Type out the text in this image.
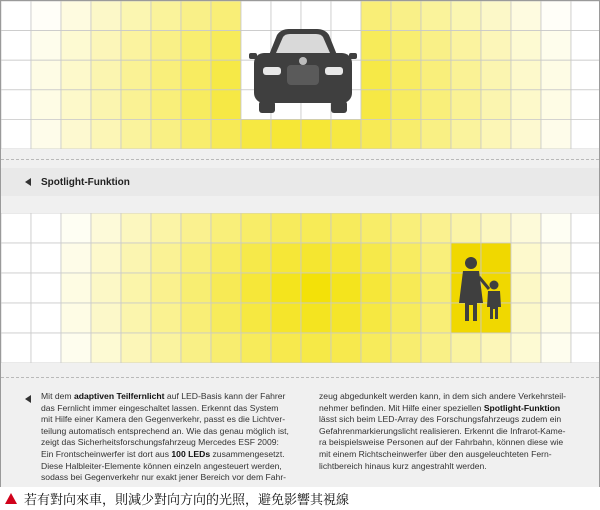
Spotlight-Funktion

Mit dem adaptiven Teilfernlicht auf LED-Basis kann der Fahrer

das Fernlicht immer eingeschaltet lassen. Erkennt das System

mit Hilfe einer Kamera den Gegenverkehr, passt es die Lichtver-

teilung automatisch entsprechend an. Wie das genau möglich ist,

zeigt das Sicherheitsforschungsfahrzeug Mercedes ESF 2009:

Ein Frontscheinwerfer ist dort aus 100 LEDs zusammengesetzt.

Diese Halbleiter-Elemente können einzeln angesteuert werden,

sodass bei Gegenverkehr nur exakt jener Bereich vor dem Fahr-

zeug abgedunkelt werden kann, in dem sich andere Verkehrsteil-

nehmer befinden. Mit Hilfe einer speziellen Spotlight-Funktion

lässt sich beim LED-Array des Forschungsfahrzeugs zudem ein

Gefahrenmarkierungslicht realisieren. Erkennt die Infrarot-Kame-

ra beispielsweise Personen auf der Fahrbahn, können diese wie

mit einem Richtscheinwerfer über den ausgeleuchteten Fern-

lichtbereich hinaus kurz angestrahlt werden.

若有對向來車，則減少對向方向的光照，避免影響其視線
